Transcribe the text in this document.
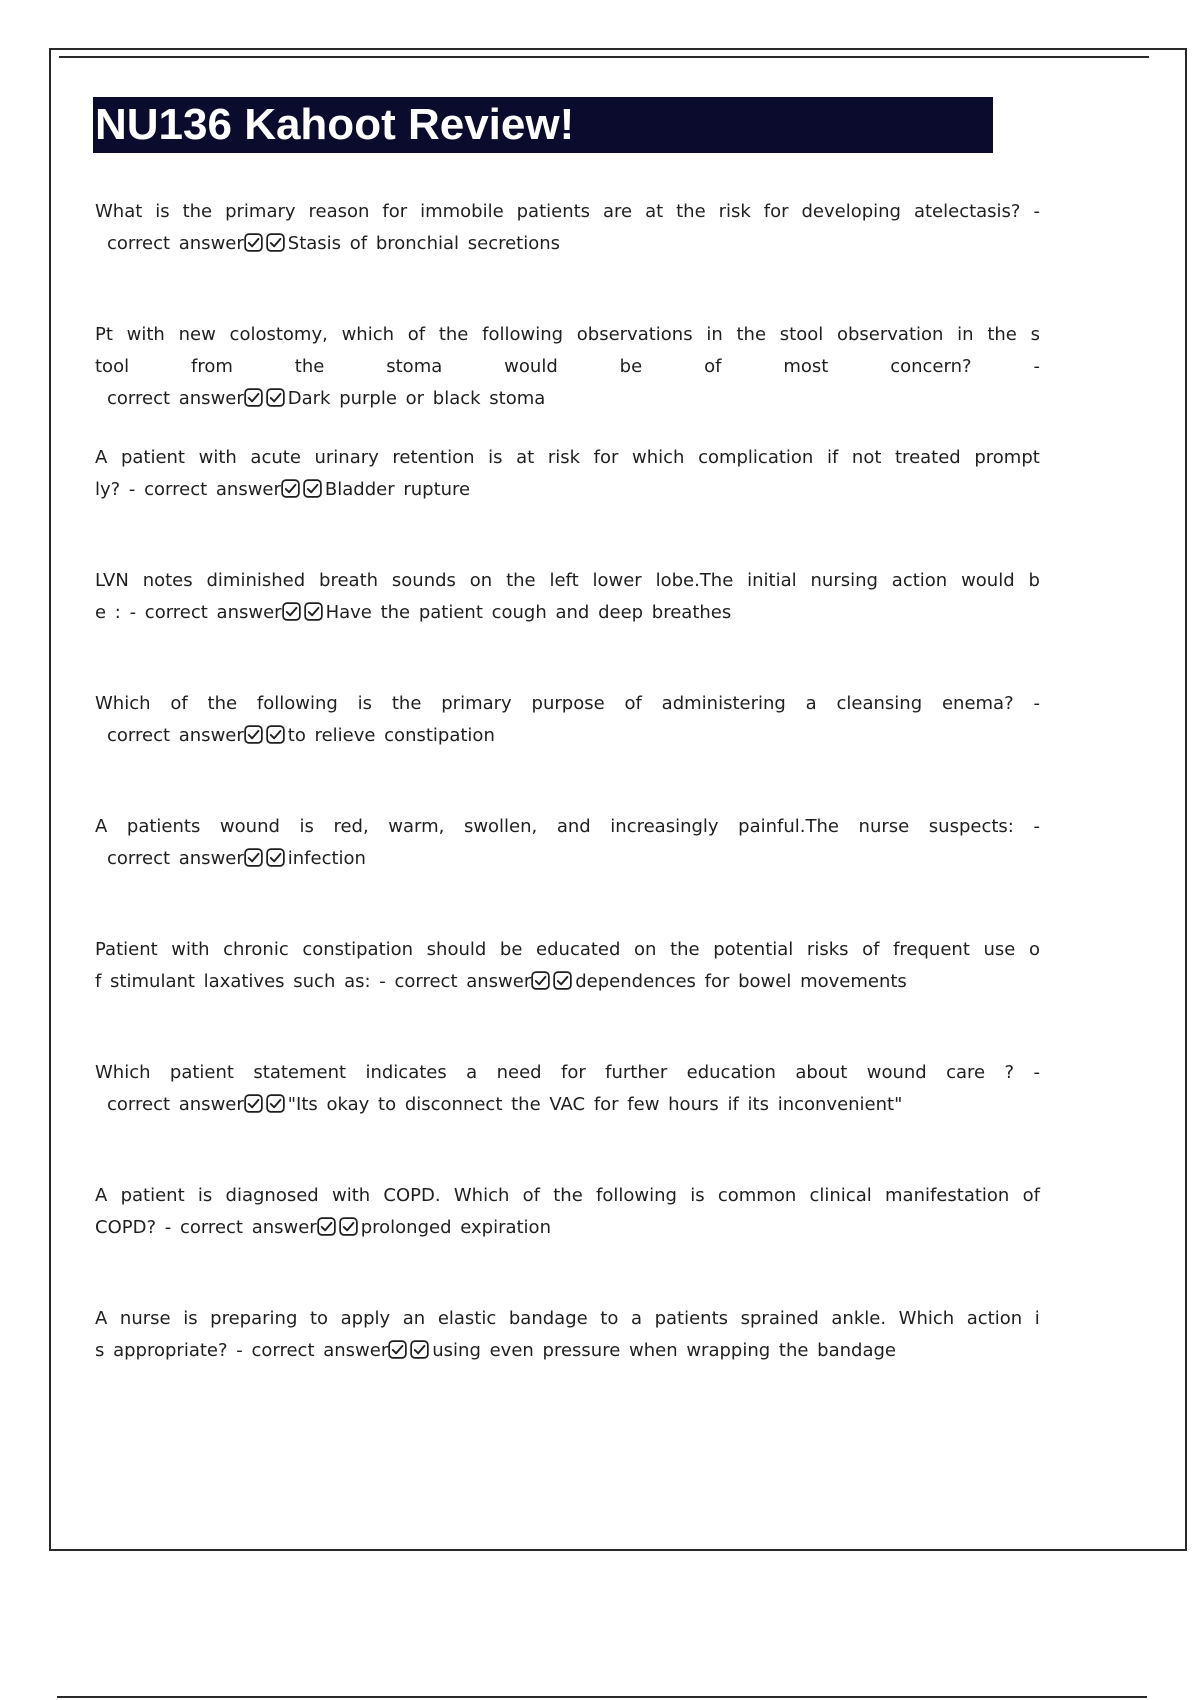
NU136 Kahoot Review!
What is the primary reason for immobile patients are at the risk for developing atelectasis? -
correct answer Stasis of bronchial secretions
Pt with new colostomy, which of the following observations in the stool observation in the s
tool	from	the	stoma	would	be	of	most	concern?	-
correct answer Dark purple or black stoma
A patient with acute urinary retention is at risk for which complication if not treated prompt
ly? - correct answer Bladder rupture
LVN notes diminished breath sounds on the left lower lobe.The initial nursing action would b
e : - correct answer Have the patient cough and deep breathes
Which of the following is the primary purpose of administering a cleansing enema? -
correct answer to relieve constipation
A patients wound is red, warm, swollen, and increasingly painful.The nurse suspects: -
correct answer infection
Patient with chronic constipation should be educated on the potential risks of frequent use o
f stimulant laxatives such as: - correct answer dependences for bowel movements
Which patient statement indicates a need for further education about wound care ? -
correct answer "Its okay to disconnect the VAC for few hours if its inconvenient"
A patient is diagnosed with COPD. Which of the following is common clinical manifestation of
COPD? - correct answer prolonged expiration
A nurse is preparing to apply an elastic bandage to a patients sprained ankle. Which action i
s appropriate? - correct answer using even pressure when wrapping the bandage
